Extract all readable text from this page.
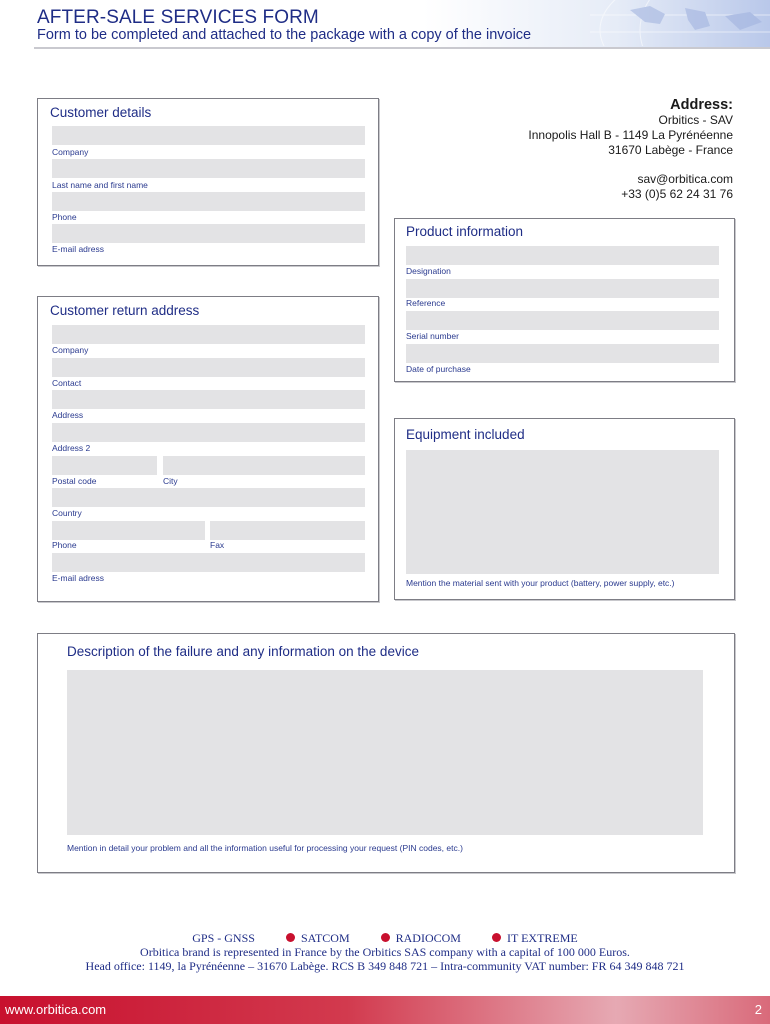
AFTER-SALE SERVICES FORM
Form to be completed and attached to the package with a copy of the invoice
Customer details
Company
Last name and first name
Phone
E-mail adress
Address:
Orbitics - SAV
Innopolis Hall B - 1149 La Pyrénéenne
31670 Labège - France
sav@orbitica.com
+33 (0)5 62 24 31 76
Product information
Designation
Reference
Serial number
Date of purchase
Customer return address
Company
Contact
Address
Address 2
Postal code	City
Country
Phone	Fax
E-mail adress
Equipment included
Mention the material sent with your product (battery, power supply, etc.)
Description of the failure and any information on the device
Mention in detail your problem and all the information useful for processing your request (PIN codes, etc.)
GPS - GNSS	SATCOM	RADIOCOM	IT EXTREME
Orbitica brand is represented in France by the Orbitics SAS company with a capital of 100 000 Euros.
Head office: 1149, la Pyrénéenne – 31670 Labège. RCS B 349 848 721 – Intra-community VAT number: FR 64 349 848 721
www.orbitica.com	2
